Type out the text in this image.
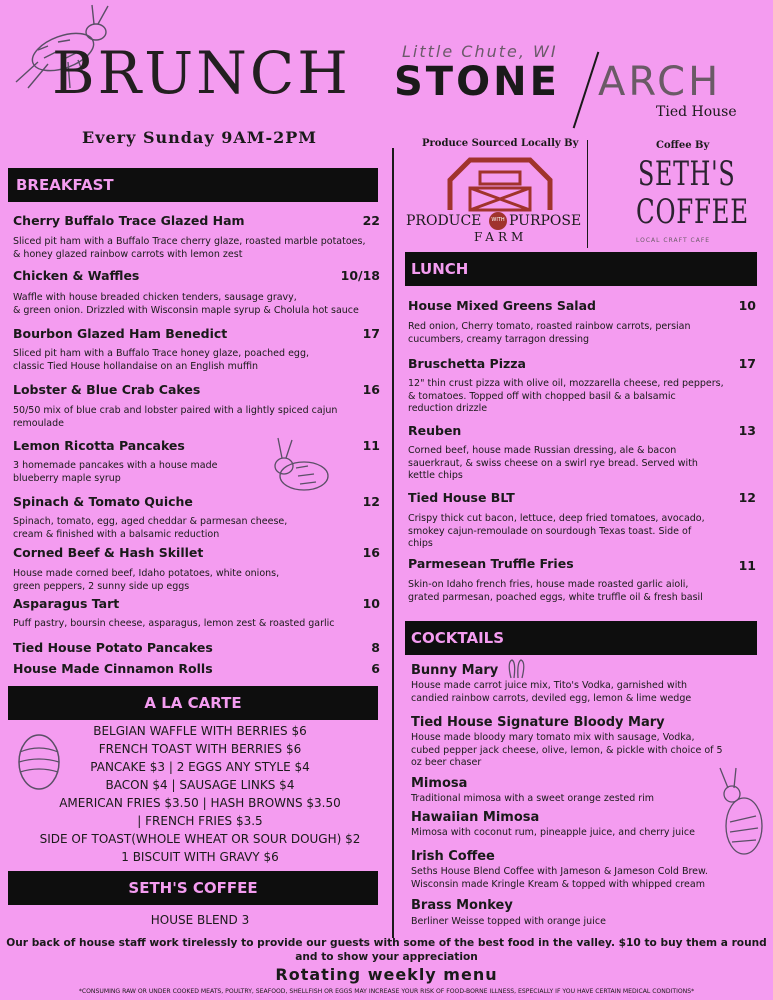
BRUNCH	Little Chute, WI
STONE ARCH
Tied House
Every Sunday 9AM-2PM	Produce Sourced Locally By
PRODUCE	WITH PURPOSE
FARM
Coffee By
SETH'S
COFFEE
LOCAL CRAFT CAFE
BREAKFAST
Cherry Buffalo Trace Glazed Ham	22
Sliced pit ham with a Buffalo Trace cherry glaze, roasted marble potatoes,
& honey glazed rainbow carrots with lemon zest
Chicken & Waffles	10/18
Waffle with house breaded chicken tenders, sausage gravy,
& green onion. Drizzled with Wisconsin maple syrup & Cholula hot sauce
Bourbon Glazed Ham Benedict	17
Sliced pit ham with a Buffalo Trace honey glaze, poached egg,
classic Tied House hollandaise on an English muffin
Lobster & Blue Crab Cakes	16
50/50 mix of blue crab and lobster paired with a lightly spiced cajun
remoulade
Lemon Ricotta Pancakes	11
3 homemade pancakes with a house made
blueberry maple syrup
Spinach & Tomato Quiche	12
Spinach, tomato, egg, aged cheddar & parmesan cheese,
cream & finished with a balsamic reduction
Corned Beef & Hash Skillet	16
House made corned beef, Idaho potatoes, white onions,
green peppers, 2 sunny side up eggs
Asparagus Tart	10
Puff pastry, boursin cheese, asparagus, lemon zest & roasted garlic
Tied House Potato Pancakes	8
House Made Cinnamon Rolls	6
A LA CARTE
BELGIAN WAFFLE WITH BERRIES $6
FRENCH TOAST WITH BERRIES $6
PANCAKE $3 | 2 EGGS ANY STYLE $4
BACON $4 | SAUSAGE LINKS $4
AMERICAN FRIES $3.50 | HASH BROWNS $3.50
| FRENCH FRIES $3.5
SIDE OF TOAST(WHOLE WHEAT OR SOUR DOUGH) $2
1 BISCUIT WITH GRAVY $6
SETH'S COFFEE
HOUSE BLEND 3
LUNCH
House Mixed Greens Salad	10
Red onion, Cherry tomato, roasted rainbow carrots, persian
cucumbers, creamy tarragon dressing
Bruschetta Pizza	17
12" thin crust pizza with olive oil, mozzarella cheese, red peppers,
& tomatoes. Topped off with chopped basil & a balsamic
reduction drizzle
Reuben	13
Corned beef, house made Russian dressing, ale & bacon
sauerkraut, & swiss cheese on a swirl rye bread. Served with
kettle chips
Tied House BLT	12
Crispy thick cut bacon, lettuce, deep fried tomatoes, avocado,
smokey cajun-remoulade on sourdough Texas toast. Side of
chips
Parmesean Truffle Fries	11
Skin-on Idaho french fries, house made roasted garlic aioli,
grated parmesan, poached eggs, white truffle oil & fresh basil
COCKTAILS
Bunny Mary
House made carrot juice mix, Tito's Vodka, garnished with
candied rainbow carrots, deviled egg, lemon & lime wedge
Tied House Signature Bloody Mary
House made bloody mary tomato mix with sausage, Vodka,
cubed pepper jack cheese, olive, lemon, & pickle with choice of 5
oz beer chaser
Mimosa
Traditional mimosa with a sweet orange zested rim
Hawaiian Mimosa
Mimosa with coconut rum, pineapple juice, and cherry juice
Irish Coffee
Seths House Blend Coffee with Jameson & Jameson Cold Brew.
Wisconsin made Kringle Kream & topped with whipped cream
Brass Monkey
Berliner Weisse topped with orange juice
Our back of house staff work tirelessly to provide our guests with some of the best food in the valley. $10 to buy them a round
and to show your appreciation
Rotating weekly menu
*CONSUMING RAW OR UNDER COOKED MEATS, POULTRY, SEAFOOD, SHELLFISH OR EGGS MAY INCREASE YOUR RISK OF FOOD-BORNE ILLNESS, ESPECIALLY IF YOU HAVE CERTAIN MEDICAL CONDITIONS*
